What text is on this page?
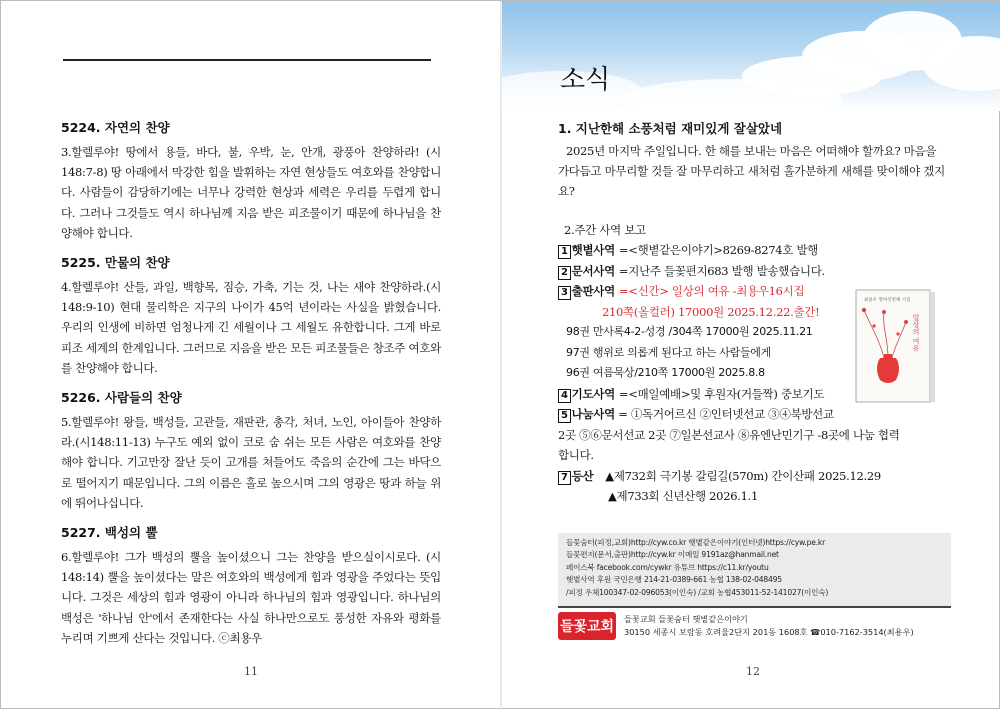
5224. 자연의 찬양

3.할렐루야! 땅에서 용들, 바다, 불, 우박, 눈, 안개, 광풍아 찬양하라! (시148:7-8) 땅 아래에서 막강한 힘을 발휘하는 자연 현상들도 여호와를 찬양합니다. 사람들이 감당하기에는 너무나 강력한 현상과 세력은 우리를 두렵게 합니다. 그러나 그것들도 역시 하나님께 지음 받은 피조물이기 때문에 하나님을 찬양해야 합니다.

5225. 만물의 찬양

4.할렐루야! 산들, 과일, 백향목, 짐승, 가축, 기는 것, 나는 새야 찬양하라.(시148:9-10) 현대 물리학은 지구의 나이가 45억 년이라는 사실을 밝혔습니다. 우리의 인생에 비하면 엄청나게 긴 세월이나 그 세월도 유한합니다. 그게 바로 피조 세계의 한계입니다. 그러므로 지음을 받은 모든 피조물들은 창조주 여호와를 찬양해야 합니다.

5226. 사람들의 찬양

5.할렐루야! 왕들, 백성들, 고관들, 재판관, 총각, 처녀, 노인, 아이들아 찬양하라.(시148:11-13) 누구도 예외 없이 코로 숨 쉬는 모든 사람은 여호와를 찬양해야 합니다. 기고만장 잘난 듯이 고개를 쳐들어도 죽음의 순간에 그는 바닥으로 떨어지기 때문입니다. 그의 이름은 홀로 높으시며 그의 영광은 땅과 하늘 위에 뛰어나십니다.

5227. 백성의 뿔

6.할렐루야! 그가 백성의 뿔을 높이셨으니 그는 찬양을 받으실이시로다. (시148:14) 뿔을 높이셨다는 말은 여호와의 백성에게 힘과 영광을 주었다는 뜻입니다. 그것은 세상의 힘과 영광이 아니라 하나님의 힘과 영광입니다. 하나님의 백성은 '하나님 안'에서 존재한다는 사실 하나만으로도 풍성한 자유와 평화를 누리며 기쁘게 산다는 것입니다. ⓒ최용우

11
소식
1. 지난한해 소풍처럼 재미있게 잘살았네

2025년 마지막 주일입니다. 한 해를 보내는 마음은 어떠해야 할까요? 마음을 가다듬고 마무리할 것들 잘 마무리하고 새처럼 홀가분하게 새해를 맞이해야 겠지요?

2.주간 사역 보고
1 햇볕사역 =<햇볕같은이야기>8269-8274호 발행
2 문서사역 =지난주 들꽃편지683 발행 발송했습니다.
3 출판사역 =<신간> 일상의 여유 -최용우16시집
210쪽(올컬러) 17000원 2025.12.22.출간!
98권 만사록4-2-성경 /304쪽 17000원 2025.11.21
97권 행위로 의롭게 된다고 하는 사람들에게
96권 여름묵상/210쪽 17000원 2025.8.8
4 기도사역 =<매일예배>및 후원자(거들짝) 중보기도
5 나눔사역 = ①독거어르신 ②인터넷선교 ③④북방선교
2곳 ⑤⑥문서선교 2곳 ⑦일본선교사 ⑧유엔난민기구 -8곳에 나눔 협력
합니다.
7 등산 ▲제732회 극기봉 갈림길(570m) 간이산패 2025.12.29
▲제733회 신년산행 2026.1.1
최용우 열여섯번째 시집
일상의 여유
들꽃숨터(피정,교회)http://cyw.co.kr 햇볕같은이야기(인터넷)https://cyw.pe.kr
들꽃편지(문서,출판)http://cyw.kr 이메일 9191az@hanmail.net
페이스북 facebook.com/cywkr 유튜브 https://c11.kr/youtu
햇볕사역 후원 국민은행 214-21-0389-661 농협 138-02-048495
/피정 우체100347-02-096053(이인숙) /교회 농협453011-52-141027(이인숙)
들꽃교회 들꽃교회 들꽃숨터 햇볕같은이야기
30150 세종시 보람동 호려울2단지 201동 1608호 ☎010-7162-3514(최용우)
12
